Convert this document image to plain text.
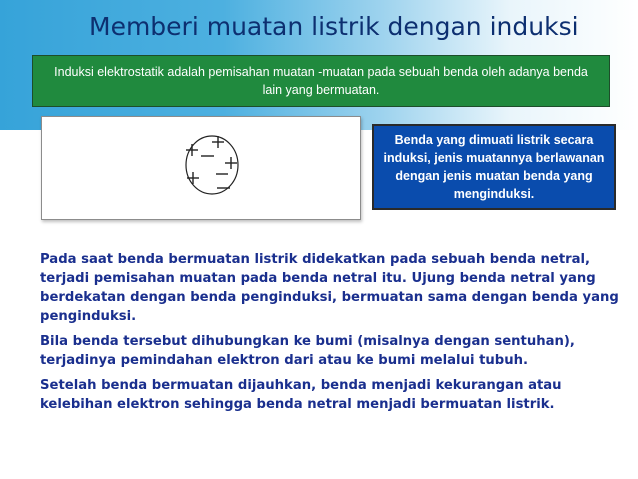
Memberi muatan listrik dengan induksi
Induksi elektrostatik adalah pemisahan muatan -muatan pada sebuah benda oleh adanya benda lain yang bermuatan.
Benda yang dimuati listrik secara induksi, jenis muatannya berlawanan dengan jenis muatan benda yang menginduksi.

Pada saat benda bermuatan listrik didekatkan pada sebuah benda netral, terjadi pemisahan muatan pada benda netral itu. Ujung benda netral yang berdekatan dengan benda penginduksi, bermuatan sama dengan benda yang penginduksi.

Bila benda tersebut dihubungkan ke bumi (misalnya dengan sentuhan), terjadinya pemindahan elektron dari atau ke bumi melalui tubuh.

Setelah benda bermuatan dijauhkan, benda menjadi kekurangan atau kelebihan elektron sehingga benda netral menjadi bermuatan listrik.
